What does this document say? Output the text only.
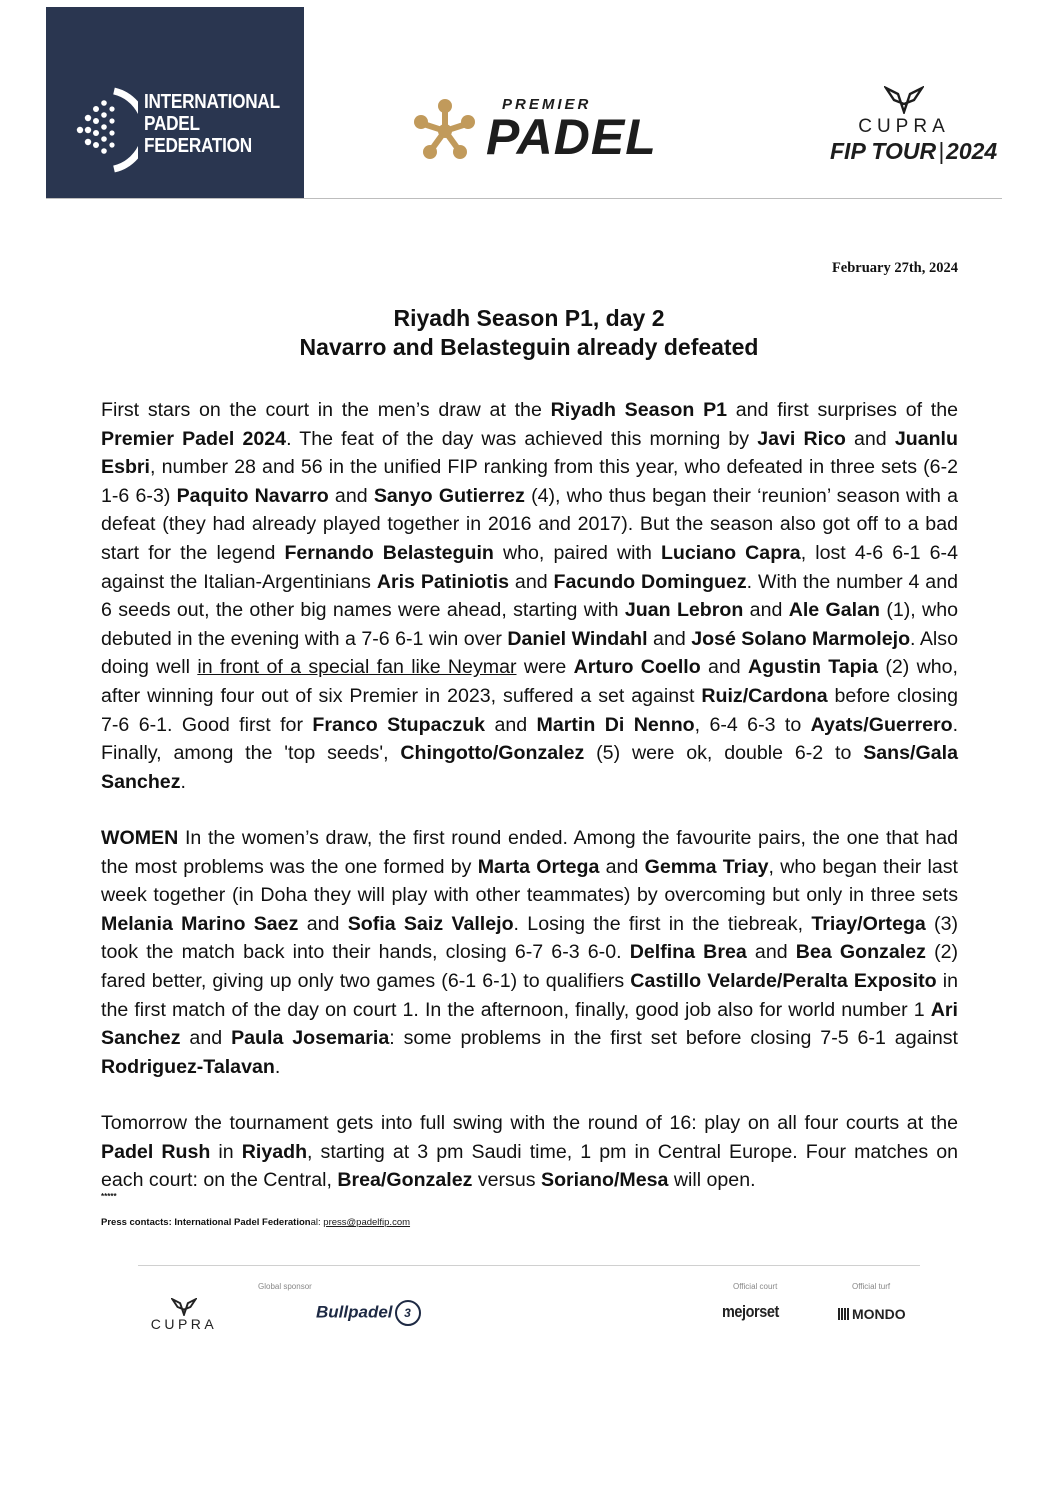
INTERNATIONAL
PADEL
FEDERATION
PREMIER
PADEL	CUPRA
FIP TOUR|2024
February 27th, 2024
Riyadh Season P1, day 2
Navarro and Belasteguin already defeated
First stars on the court in the men’s draw at the Riyadh Season P1 and first surprises of the Premier Padel 2024. The feat of the day was achieved this morning by Javi Rico and Juanlu Esbri, number 28 and 56 in the unified FIP ranking from this year, who defeated in three sets (6-2 1-6 6-3) Paquito Navarro and Sanyo Gutierrez (4), who thus began their ‘reunion’ season with a defeat (they had already played together in 2016 and 2017). But the season also got off to a bad start for the legend Fernando Belasteguin who, paired with Luciano Capra, lost 4-6 6-1 6-4 against the Italian-Argentinians Aris Patiniotis and Facundo Dominguez. With the number 4 and 6 seeds out, the other big names were ahead, starting with Juan Lebron and Ale Galan (1), who debuted in the evening with a 7-6 6-1 win over Daniel Windahl and José Solano Marmolejo. Also doing well in front of a special fan like Neymar were Arturo Coello and Agustin Tapia (2) who, after winning four out of six Premier in 2023, suffered a set against Ruiz/Cardona before closing 7-6 6-1. Good first for Franco Stupaczuk and Martin Di Nenno, 6-4 6-3 to Ayats/Guerrero. Finally, among the 'top seeds', Chingotto/Gonzalez (5) were ok, double 6-2 to Sans/Gala Sanchez.
WOMEN In the women’s draw, the first round ended. Among the favourite pairs, the one that had the most problems was the one formed by Marta Ortega and Gemma Triay, who began their last week together (in Doha they will play with other teammates) by overcoming but only in three sets Melania Marino Saez and Sofia Saiz Vallejo. Losing the first in the tiebreak, Triay/Ortega (3) took the match back into their hands, closing 6-7 6-3 6-0. Delfina Brea and Bea Gonzalez (2) fared better, giving up only two games (6-1 6-1) to qualifiers Castillo Velarde/Peralta Exposito in the first match of the day on court 1. In the afternoon, finally, good job also for world number 1 Ari Sanchez and Paula Josemaria: some problems in the first set before closing 7-5 6-1 against Rodriguez-Talavan.
Tomorrow the tournament gets into full swing with the round of 16: play on all four courts at the Padel Rush in Riyadh, starting at 3 pm Saudi time, 1 pm in Central Europe. Four matches on each court: on the Central, Brea/Gonzalez versus Soriano/Mesa will open.
*****
Press contacts: International Padel Federational: press@padelfip.com
Global sponsor	Official court	Official turf
CUPRA
Bullpadel 3	mejorset	MONDO
